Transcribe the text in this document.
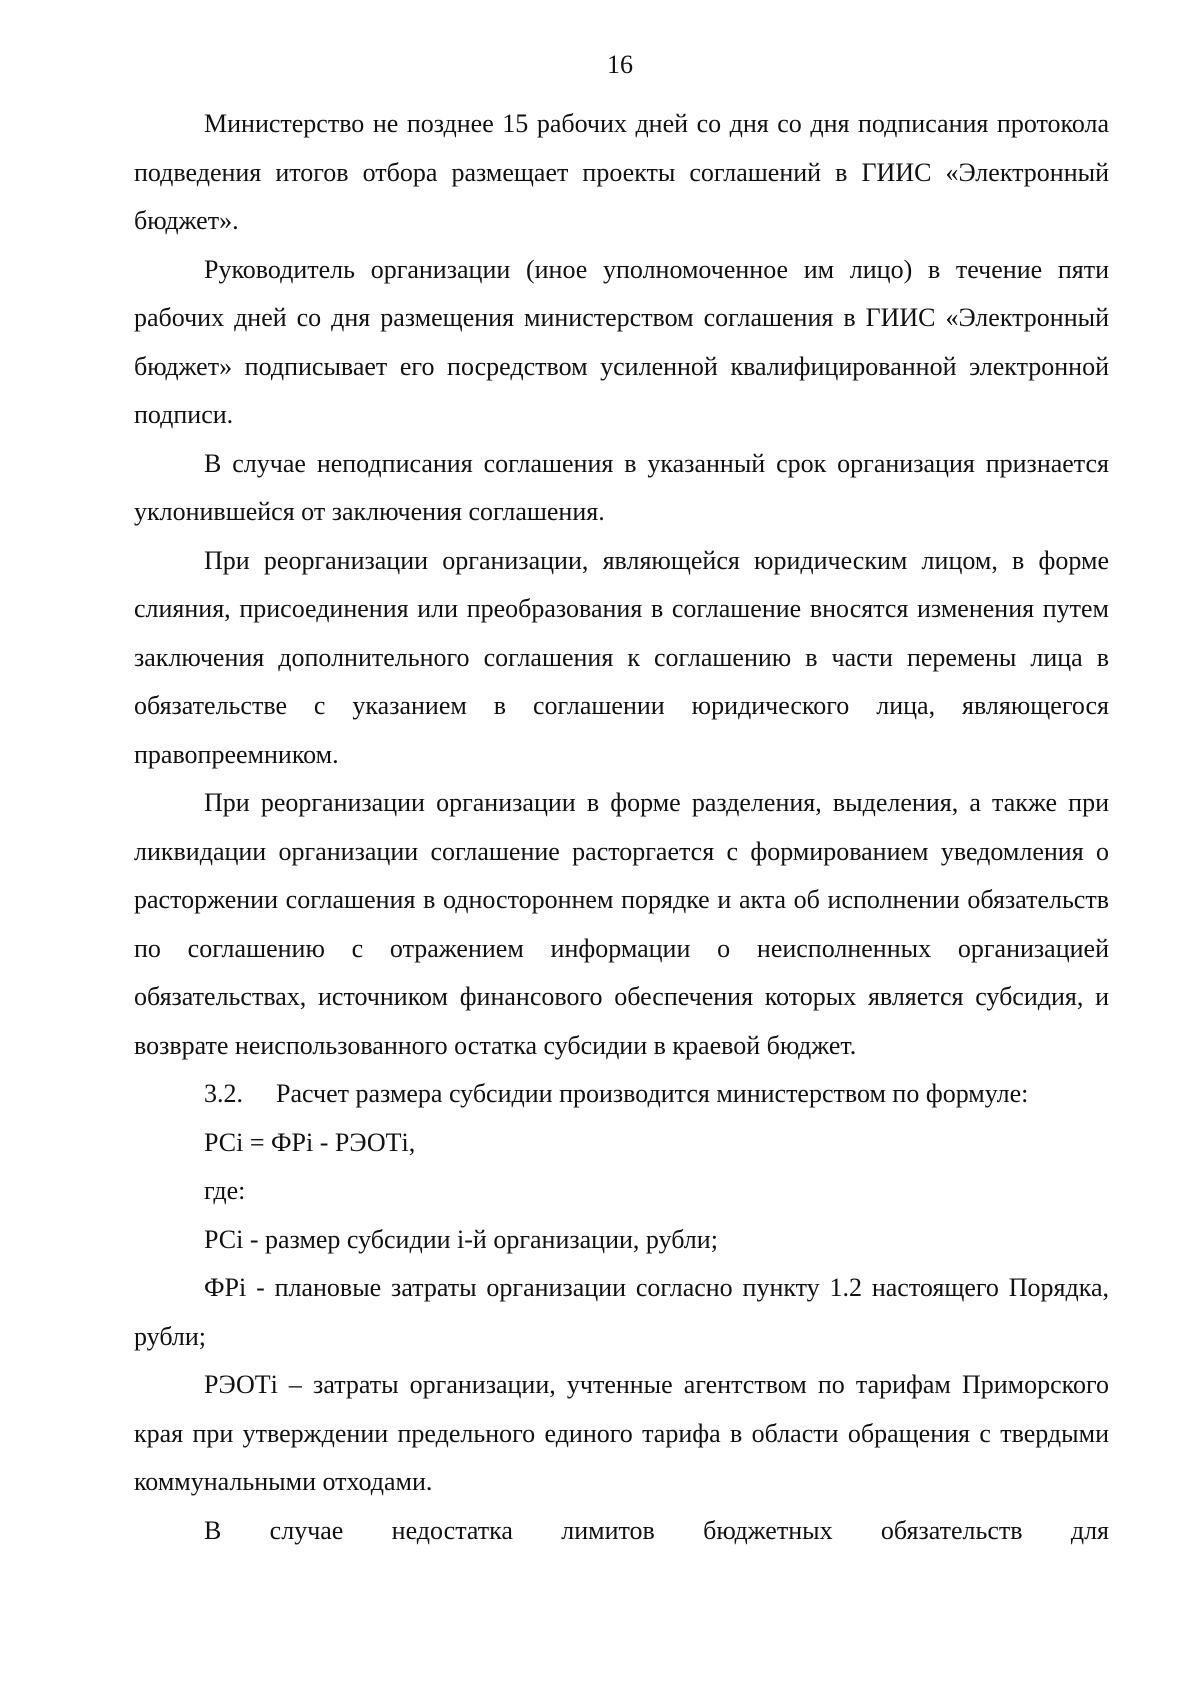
16

Министерство не позднее 15 рабочих дней со дня со дня подписания протокола подведения итогов отбора размещает проекты соглашений в ГИИС «Электронный бюджет».

Руководитель организации (иное уполномоченное им лицо) в течение пяти рабочих дней со дня размещения министерством соглашения в ГИИС «Электронный бюджет» подписывает его посредством усиленной квалифицированной электронной подписи.

В случае неподписания соглашения в указанный срок организация признается уклонившейся от заключения соглашения.

При реорганизации организации, являющейся юридическим лицом, в форме слияния, присоединения или преобразования в соглашение вносятся изменения путем заключения дополнительного соглашения к соглашению в части перемены лица в обязательстве с указанием в соглашении юридического лица, являющегося правопреемником.

При реорганизации организации в форме разделения, выделения, а также при ликвидации организации соглашение расторгается с формированием уведомления о расторжении соглашения в одностороннем порядке и акта об исполнении обязательств по соглашению с отражением информации о неисполненных организацией обязательствах, источником финансового обеспечения которых является субсидия, и возврате неиспользованного остатка субсидии в краевой бюджет.

3.2.	Расчет размера субсидии производится министерством по формуле:

РСi = ФРi - РЭОТi,

где:

РСi - размер субсидии i-й организации, рубли;

ФРi - плановые затраты организации согласно пункту 1.2 настоящего Порядка, рубли;

РЭОТi – затраты организации, учтенные агентством по тарифам Приморского края при утверждении предельного единого тарифа в области обращения с твердыми коммунальными отходами.

В случае недостатка лимитов бюджетных обязательств для
